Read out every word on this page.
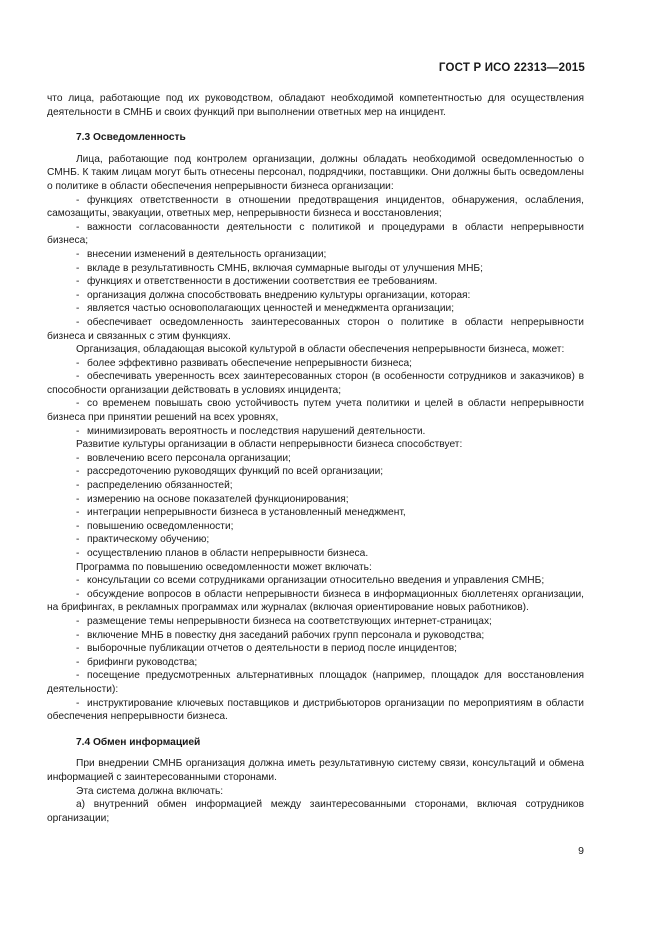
ГОСТ Р ИСО 22313—2015

что лица, работающие под их руководством, обладают необходимой компетентностью для осуществления деятельности в СМНБ и своих функций при выполнении ответных мер на инцидент.

7.3 Осведомленность

Лица, работающие под контролем организации, должны обладать необходимой осведомленностью о СМНБ. К таким лицам могут быть отнесены персонал, подрядчики, поставщики. Они должны быть осведомлены о политике в области обеспечения непрерывности бизнеса организации:

- функциях ответственности в отношении предотвращения инцидентов, обнаружения, ослабления, самозащиты, эвакуации, ответных мер, непрерывности бизнеса и восстановления;

- важности согласованности деятельности с политикой и процедурами в области непрерывности бизнеса;

- внесении изменений в деятельность организации;

- вкладе в результативность СМНБ, включая суммарные выгоды от улучшения МНБ;

- функциях и ответственности в достижении соответствия ее требованиям.

- организация должна способствовать внедрению культуры организации, которая:

- является частью основополагающих ценностей и менеджмента организации;

- обеспечивает осведомленность заинтересованных сторон о политике в области непрерывности бизнеса и связанных с этим функциях.

Организация, обладающая высокой культурой в области обеспечения непрерывности бизнеса, может:

- более эффективно развивать обеспечение непрерывности бизнеса;

- обеспечивать уверенность всех заинтересованных сторон (в особенности сотрудников и заказчиков) в способности организации действовать в условиях инцидента;

- со временем повышать свою устойчивость путем учета политики и целей в области непрерывности бизнеса при принятии решений на всех уровнях,

- минимизировать вероятность и последствия нарушений деятельности.

Развитие культуры организации в области непрерывности бизнеса способствует:

- вовлечению всего персонала организации;

- рассредоточению руководящих функций по всей организации;

- распределению обязанностей;

- измерению на основе показателей функционирования;

- интеграции непрерывности бизнеса в установленный менеджмент,

- повышению осведомленности;

- практическому обучению;

- осуществлению планов в области непрерывности бизнеса.

Программа по повышению осведомленности может включать:

- консультации со всеми сотрудниками организации относительно введения и управления СМНБ;

- обсуждение вопросов в области непрерывности бизнеса в информационных бюллетенях организации, на брифингах, в рекламных программах или журналах (включая ориентирование новых работников).

- размещение темы непрерывности бизнеса на соответствующих интернет-страницах;

- включение МНБ в повестку дня заседаний рабочих групп персонала и руководства;

- выборочные публикации отчетов о деятельности в период после инцидентов;

- брифинги руководства;

- посещение предусмотренных альтернативных площадок (например, площадок для восстановления деятельности):

- инструктирование ключевых поставщиков и дистрибьюторов организации по мероприятиям в области обеспечения непрерывности бизнеса.

7.4 Обмен информацией

При внедрении СМНБ организация должна иметь результативную систему связи, консультаций и обмена информацией с заинтересованными сторонами.

Эта система должна включать:

а) внутренний обмен информацией между заинтересованными сторонами, включая сотрудников организации;

9
